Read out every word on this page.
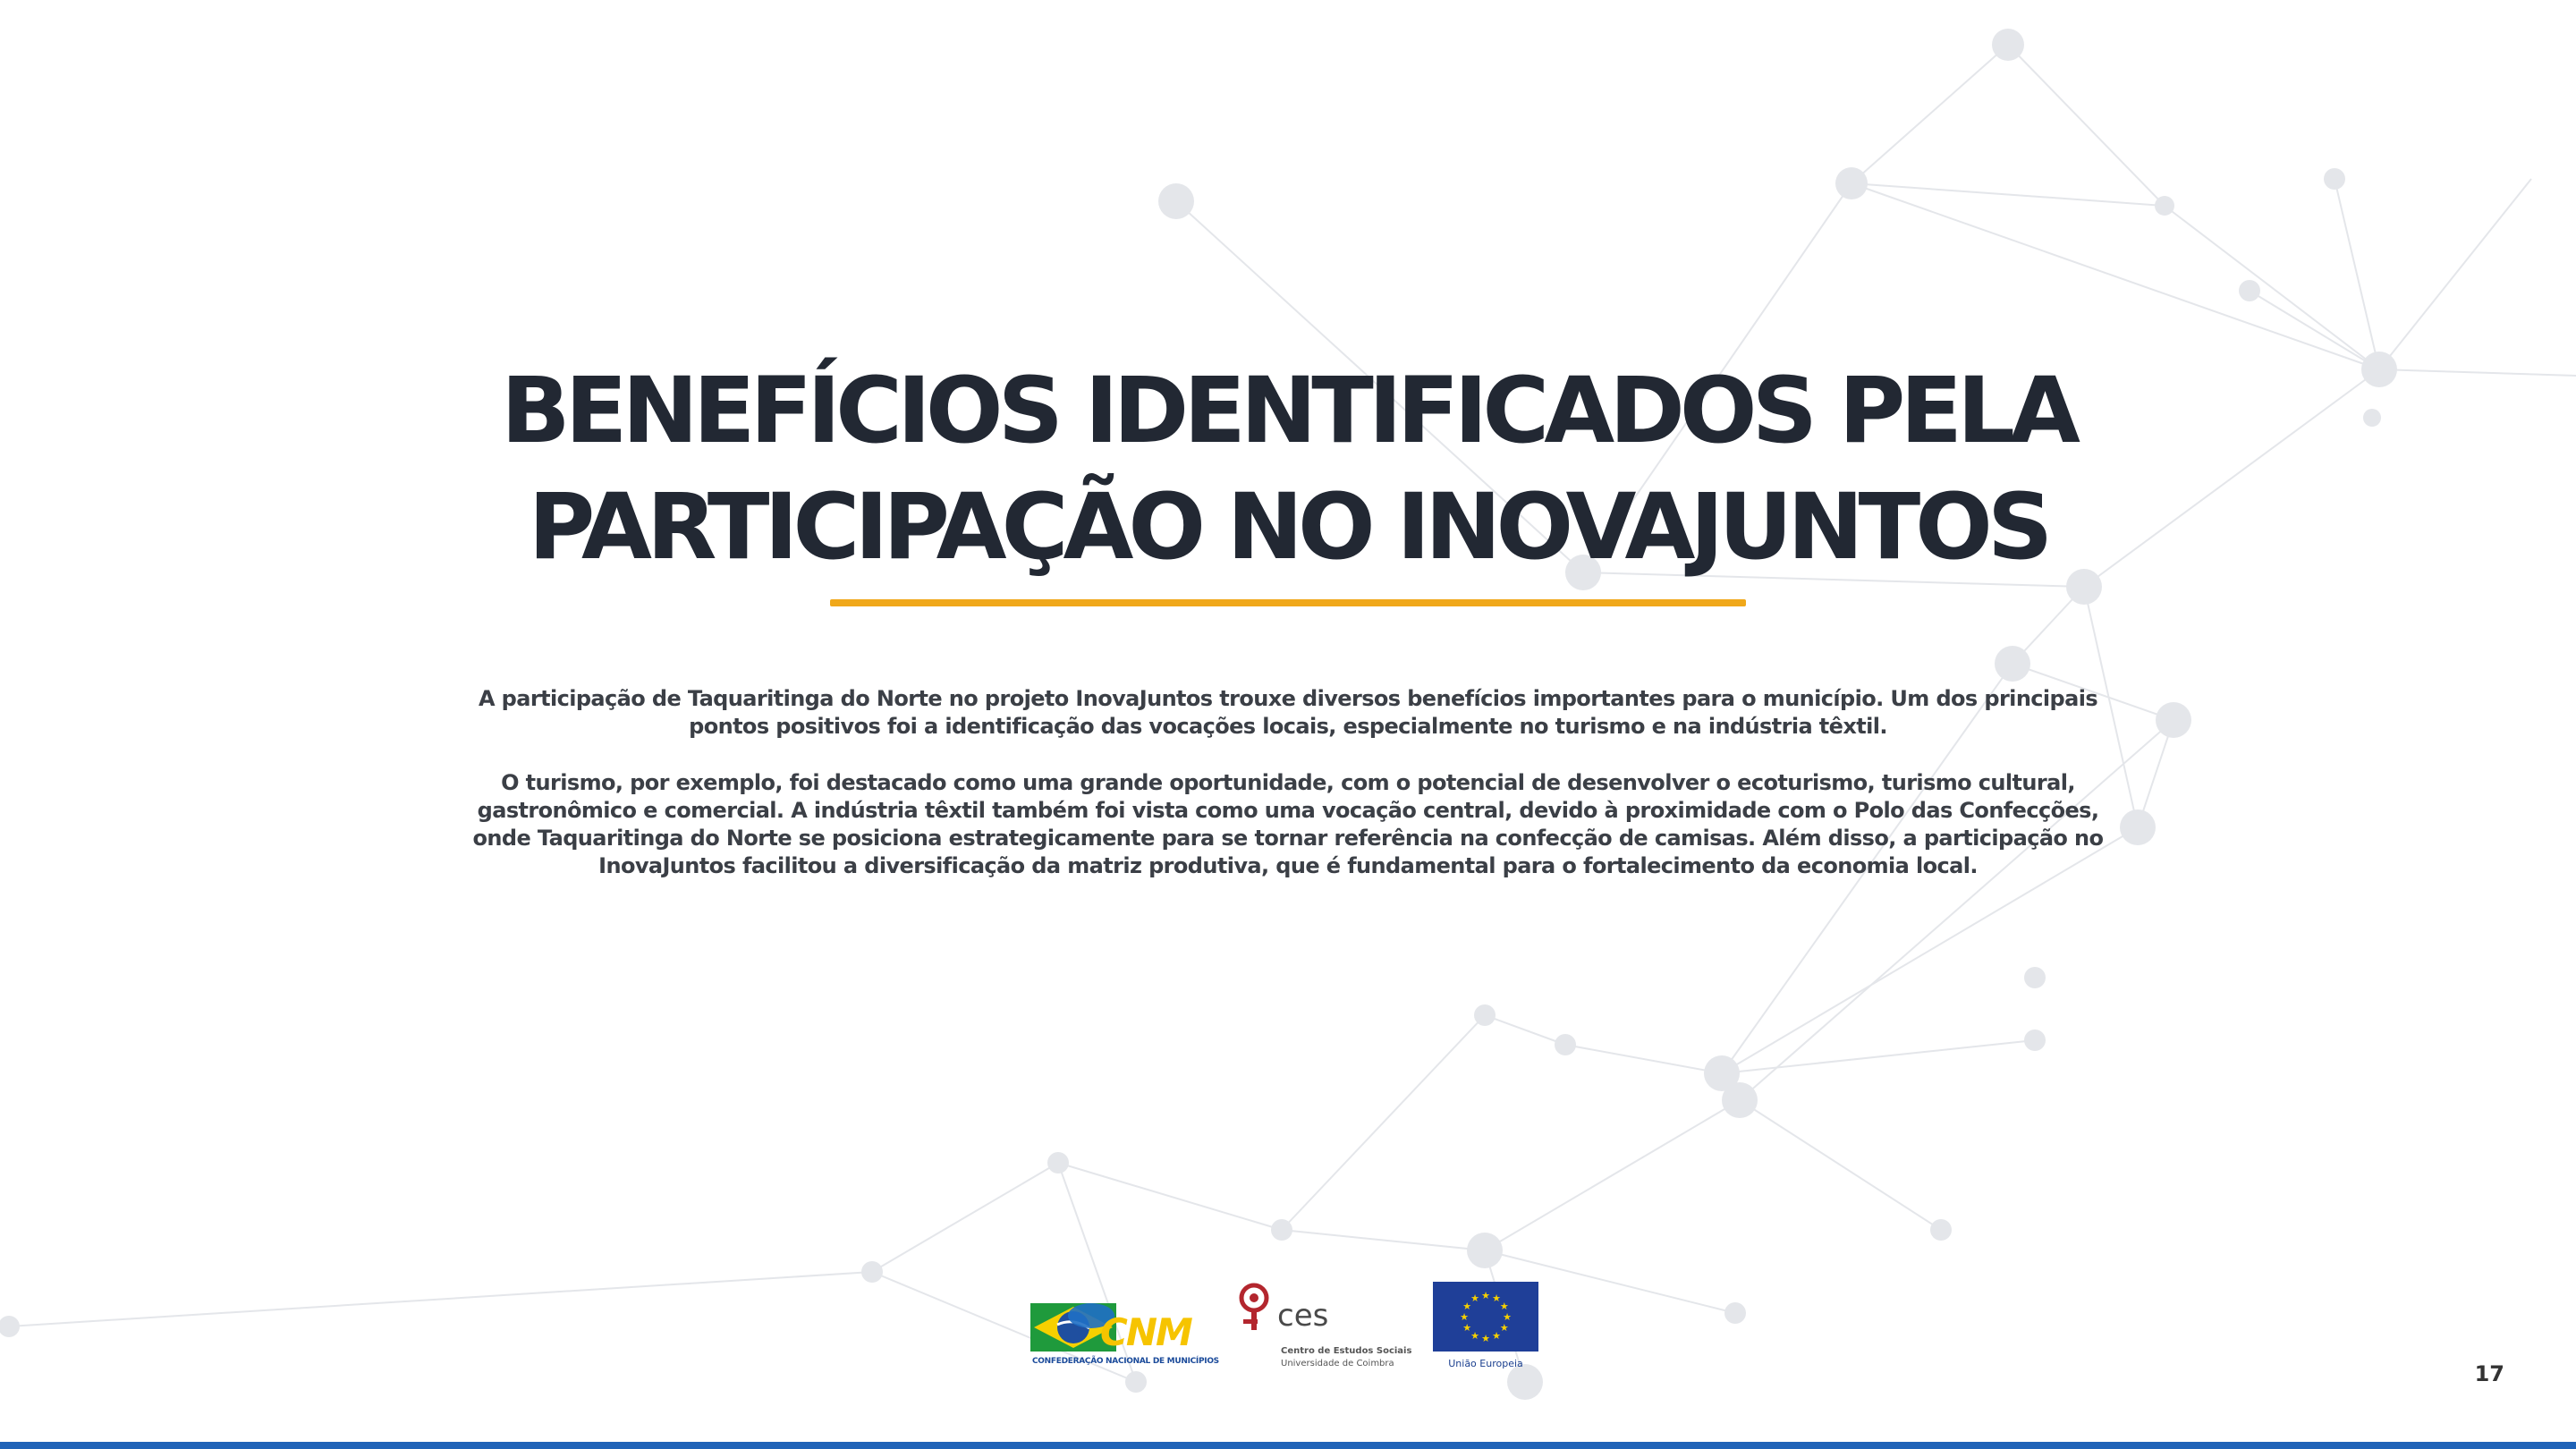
BENEFÍCIOS IDENTIFICADOS PELA
PARTICIPAÇÃO NO INOVAJUNTOS

A participação de Taquaritinga do Norte no projeto InovaJuntos trouxe diversos benefícios importantes para o município. Um dos principais pontos positivos foi a identificação das vocações locais, especialmente no turismo e na indústria têxtil.

O turismo, por exemplo, foi destacado como uma grande oportunidade, com o potencial de desenvolver o ecoturismo, turismo cultural, gastronômico e comercial. A indústria têxtil também foi vista como uma vocação central, devido à proximidade com o Polo das Confecções, onde Taquaritinga do Norte se posiciona estrategicamente para se tornar referência na confecção de camisas. Além disso, a participação no InovaJuntos facilitou a diversificação da matriz produtiva, que é fundamental para o fortalecimento da economia local.

CNM
CONFEDERAÇÃO NACIONAL DE MUNICÍPIOS
ces
Centro de Estudos Sociais
Universidade de Coimbra
★
★
★
★
★
★
★
★
★ ★ ★
★
União Europeia	17
